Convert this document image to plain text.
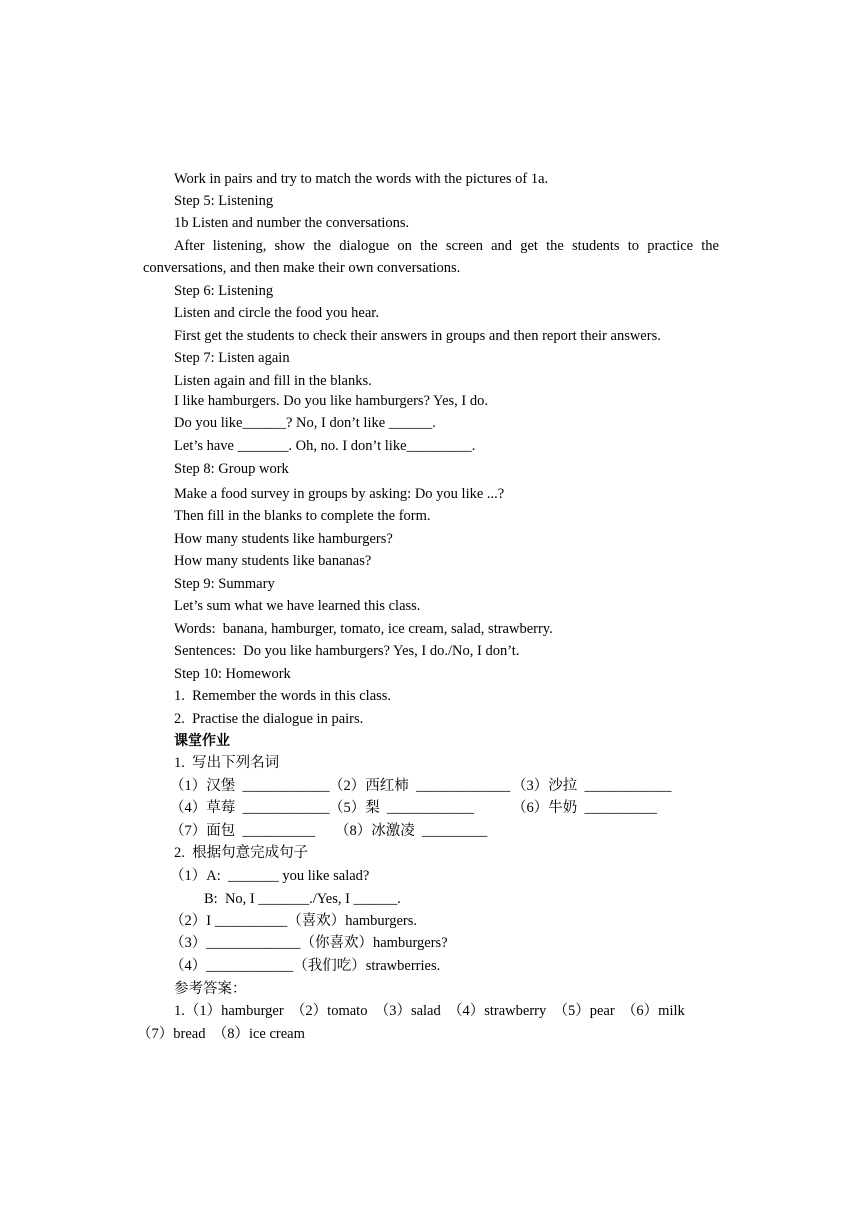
Work in pairs and try to match the words with the pictures of 1a.
Step 5: Listening
1b Listen and number the conversations.
After listening, show the dialogue on the screen and get the students to practice the
conversations, and then make their own conversations.
Step 6: Listening
Listen and circle the food you hear.
First get the students to check their answers in groups and then report their answers.
Step 7: Listen again
Listen again and fill in the blanks.
I like hamburgers. Do you like hamburgers? Yes, I do.
Do you like______? No, I don’t like ______.
Let’s have _______. Oh, no. I don’t like_________.
Step 8: Group work
Make a food survey in groups by asking: Do you like ...?
Then fill in the blanks to complete the form.
How many students like hamburgers?
How many students like bananas?
Step 9: Summary
Let’s sum what we have learned this class.
Words:  banana, hamburger, tomato, ice cream, salad, strawberry.
Sentences:  Do you like hamburgers? Yes, I do./No, I don’t.
Step 10: Homework
1.  Remember the words in this class.
2.  Practise the dialogue in pairs.
课堂作业
1.  写出下列名词
（1）汉堡  ____________ （2）西红柿  _____________ （3）沙拉  ____________
（4）草莓  ____________ （5）梨  ____________	（6）牛奶  __________
（7）面包  __________ （8）冰激凌  _________
2.  根据句意完成句子
（1）A:  _______ you like salad?
B:  No, I _______./Yes, I ______.
（2）I __________（喜欢）hamburgers.
（3）_____________（你喜欢）hamburgers?
（4）____________（我们吃）strawberries.
参考答案：
1.（1）hamburger　（2）tomato　（3）salad　（4）strawberry　（5）pear　（6）milk
（7）bread　（8）ice cream
